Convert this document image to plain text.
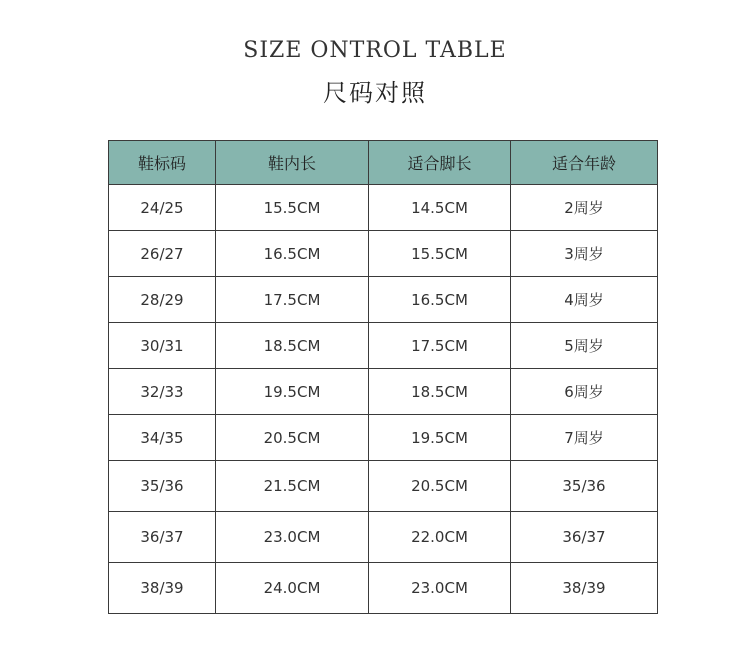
SIZE ONTROL TABLE
尺码对照
鞋标码	鞋内长	适合脚长	适合年龄
24/25	15.5CM	14.5CM	2周岁
26/27	16.5CM	15.5CM	3周岁
28/29	17.5CM	16.5CM	4周岁
30/31	18.5CM	17.5CM	5周岁
32/33	19.5CM	18.5CM	6周岁
34/35	20.5CM	19.5CM	7周岁
35/36	21.5CM	20.5CM	35/36
36/37	23.0CM	22.0CM	36/37
38/39	24.0CM	23.0CM	38/39
